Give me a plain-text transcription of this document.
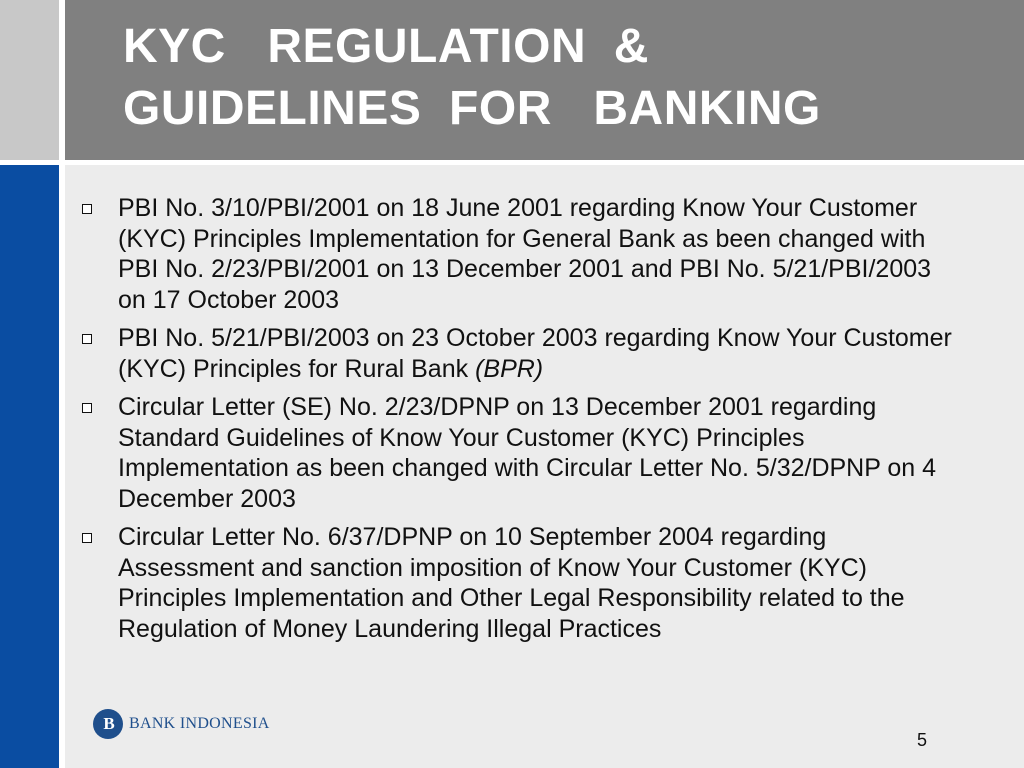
KYC   REGULATION  &
GUIDELINES  FOR   BANKING
PBI No. 3/10/PBI/2001 on 18 June 2001 regarding Know Your Customer (KYC) Principles Implementation for General Bank as been changed with PBI No. 2/23/PBI/2001 on 13 December 2001 and PBI No. 5/21/PBI/2003 on 17 October 2003
PBI No. 5/21/PBI/2003 on 23 October 2003 regarding Know Your Customer (KYC) Principles for Rural Bank (BPR)
Circular Letter (SE) No. 2/23/DPNP on 13 December 2001 regarding Standard Guidelines of Know Your Customer (KYC) Principles Implementation as been changed with Circular Letter No. 5/32/DPNP on 4 December 2003
Circular Letter No. 6/37/DPNP on 10 September 2004 regarding Assessment and sanction imposition of Know Your Customer (KYC) Principles Implementation and Other Legal Responsibility related to the Regulation of Money Laundering Illegal Practices
B BANK INDONESIA
5
